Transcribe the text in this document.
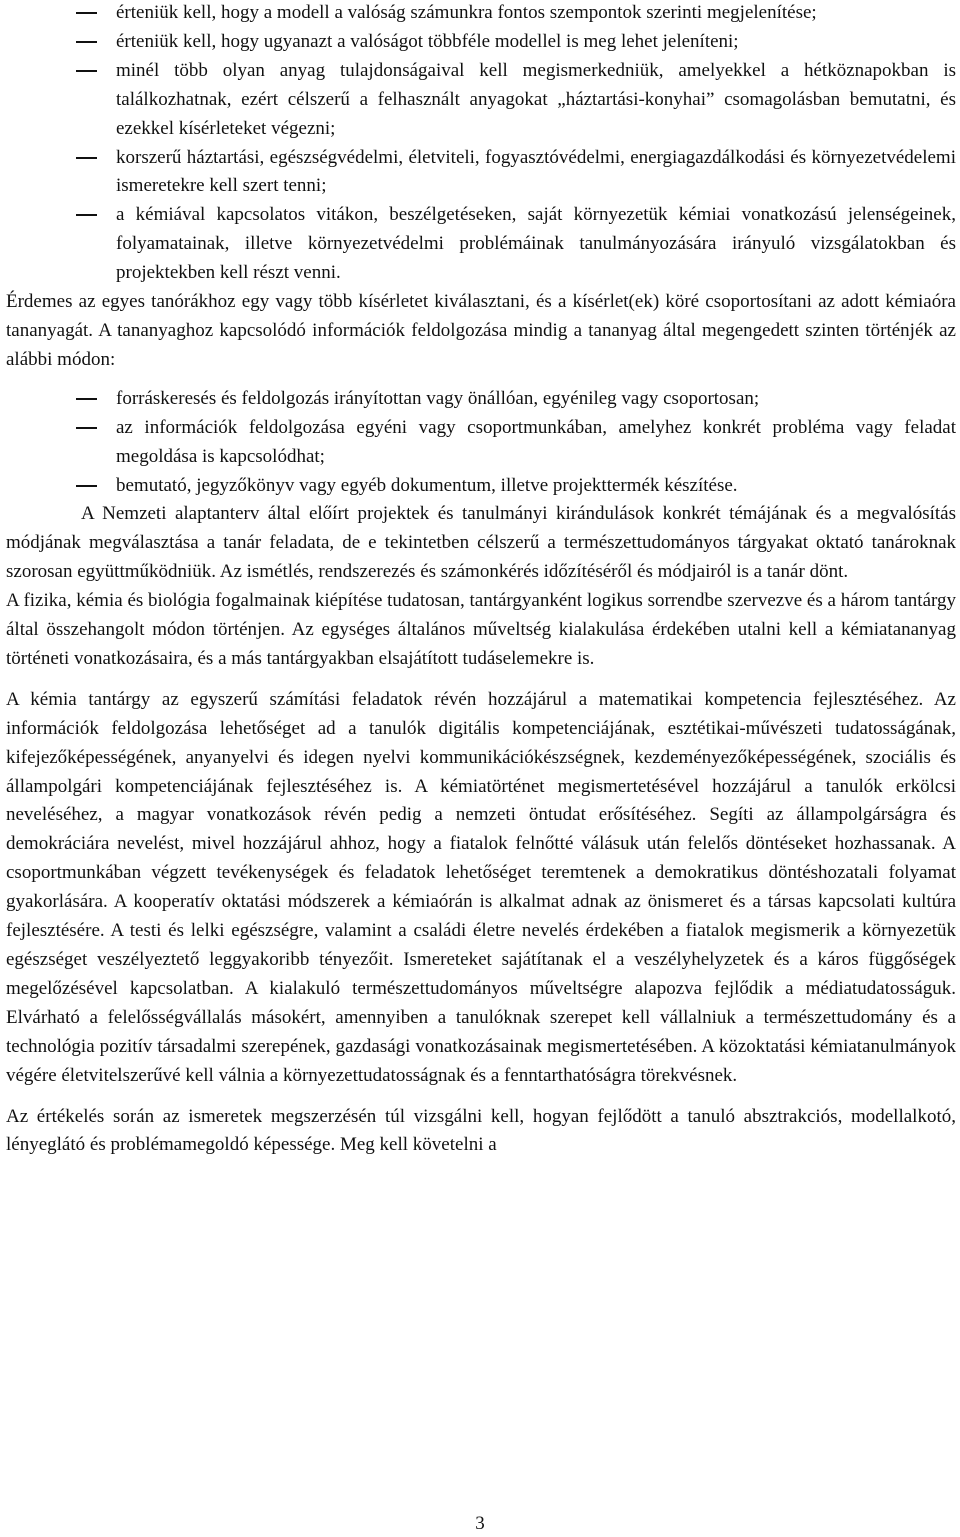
érteniük kell, hogy a modell a valóság számunkra fontos szempontok szerinti megjelenítése;
érteniük kell, hogy ugyanazt a valóságot többféle modellel is meg lehet jeleníteni;
minél több olyan anyag tulajdonságaival kell megismerkedniük, amelyekkel a hétköznapokban is találkozhatnak, ezért célszerű a felhasznált anyagokat „háztartási-konyhai” csomagolásban bemutatni, és ezekkel kísérleteket végezni;
korszerű háztartási, egészségvédelmi, életviteli, fogyasztóvédelmi, energiagazdálkodási és környezetvédelemi ismeretekre kell szert tenni;
a kémiával kapcsolatos vitákon, beszélgetéseken, saját környezetük kémiai vonatkozású jelenségeinek, folyamatainak, illetve környezetvédelmi problémáinak tanulmányozására irányuló vizsgálatokban és projektekben kell részt venni.

Érdemes az egyes tanórákhoz egy vagy több kísérletet kiválasztani, és a kísérlet(ek) köré csoportosítani az adott kémiaóra tananyagát. A tananyaghoz kapcsolódó információk feldolgozása mindig a tananyag által megengedett szinten történjék az alábbi módon:

forráskeresés és feldolgozás irányítottan vagy önállóan, egyénileg vagy csoportosan;
az információk feldolgozása egyéni vagy csoportmunkában, amelyhez konkrét probléma vagy feladat megoldása is kapcsolódhat;
bemutató, jegyzőkönyv vagy egyéb dokumentum, illetve projekttermék készítése.

A Nemzeti alaptanterv által előírt projektek és tanulmányi kirándulások konkrét témájának és a megvalósítás módjának megválasztása a tanár feladata, de e tekintetben célszerű a természettudományos tárgyakat oktató tanároknak szorosan együttműködniük. Az ismétlés, rendszerezés és számonkérés időzítéséről és módjairól is a tanár dönt.

A fizika, kémia és biológia fogalmainak kiépítése tudatosan, tantárgyanként logikus sorrendbe szervezve és a három tantárgy által összehangolt módon történjen. Az egységes általános műveltség kialakulása érdekében utalni kell a kémiatananyag történeti vonatkozásaira, és a más tantárgyakban elsajátított tudáselemekre is.

A kémia tantárgy az egyszerű számítási feladatok révén hozzájárul a matematikai kompetencia fejlesztéséhez. Az információk feldolgozása lehetőséget ad a tanulók digitális kompetenciájának, esztétikai-művészeti tudatosságának, kifejezőképességének, anyanyelvi és idegen nyelvi kommunikációkészségnek, kezdeményezőképességének, szociális és állampolgári kompetenciájának fejlesztéséhez is. A kémiatörténet megismertetésével hozzájárul a tanulók erkölcsi neveléséhez, a magyar vonatkozások révén pedig a nemzeti öntudat erősítéséhez. Segíti az állampolgárságra és demokráciára nevelést, mivel hozzájárul ahhoz, hogy a fiatalok felnőtté válásuk után felelős döntéseket hozhassanak. A csoportmunkában végzett tevékenységek és feladatok lehetőséget teremtenek a demokratikus döntéshozatali folyamat gyakorlására. A kooperatív oktatási módszerek a kémiaórán is alkalmat adnak az önismeret és a társas kapcsolati kultúra fejlesztésére. A testi és lelki egészségre, valamint a családi életre nevelés érdekében a fiatalok megismerik a környezetük egészséget veszélyeztető leggyakoribb tényezőit. Ismereteket sajátítanak el a veszélyhelyzetek és a káros függőségek megelőzésével kapcsolatban. A kialakuló természettudományos műveltségre alapozva fejlődik a médiatudatosságuk. Elvárható a felelősségvállalás másokért, amennyiben a tanulóknak szerepet kell vállalniuk a természettudomány és a technológia pozitív társadalmi szerepének, gazdasági vonatkozásainak megismertetésében. A közoktatási kémiatanulmányok végére életvitelszerűvé kell válnia a környezettudatosságnak és a fenntarthatóságra törekvésnek.

Az értékelés során az ismeretek megszerzésén túl vizsgálni kell, hogyan fejlődött a tanuló absztrakciós, modellalkotó, lényeglátó és problémamegoldó képessége. Meg kell követelni a

3
